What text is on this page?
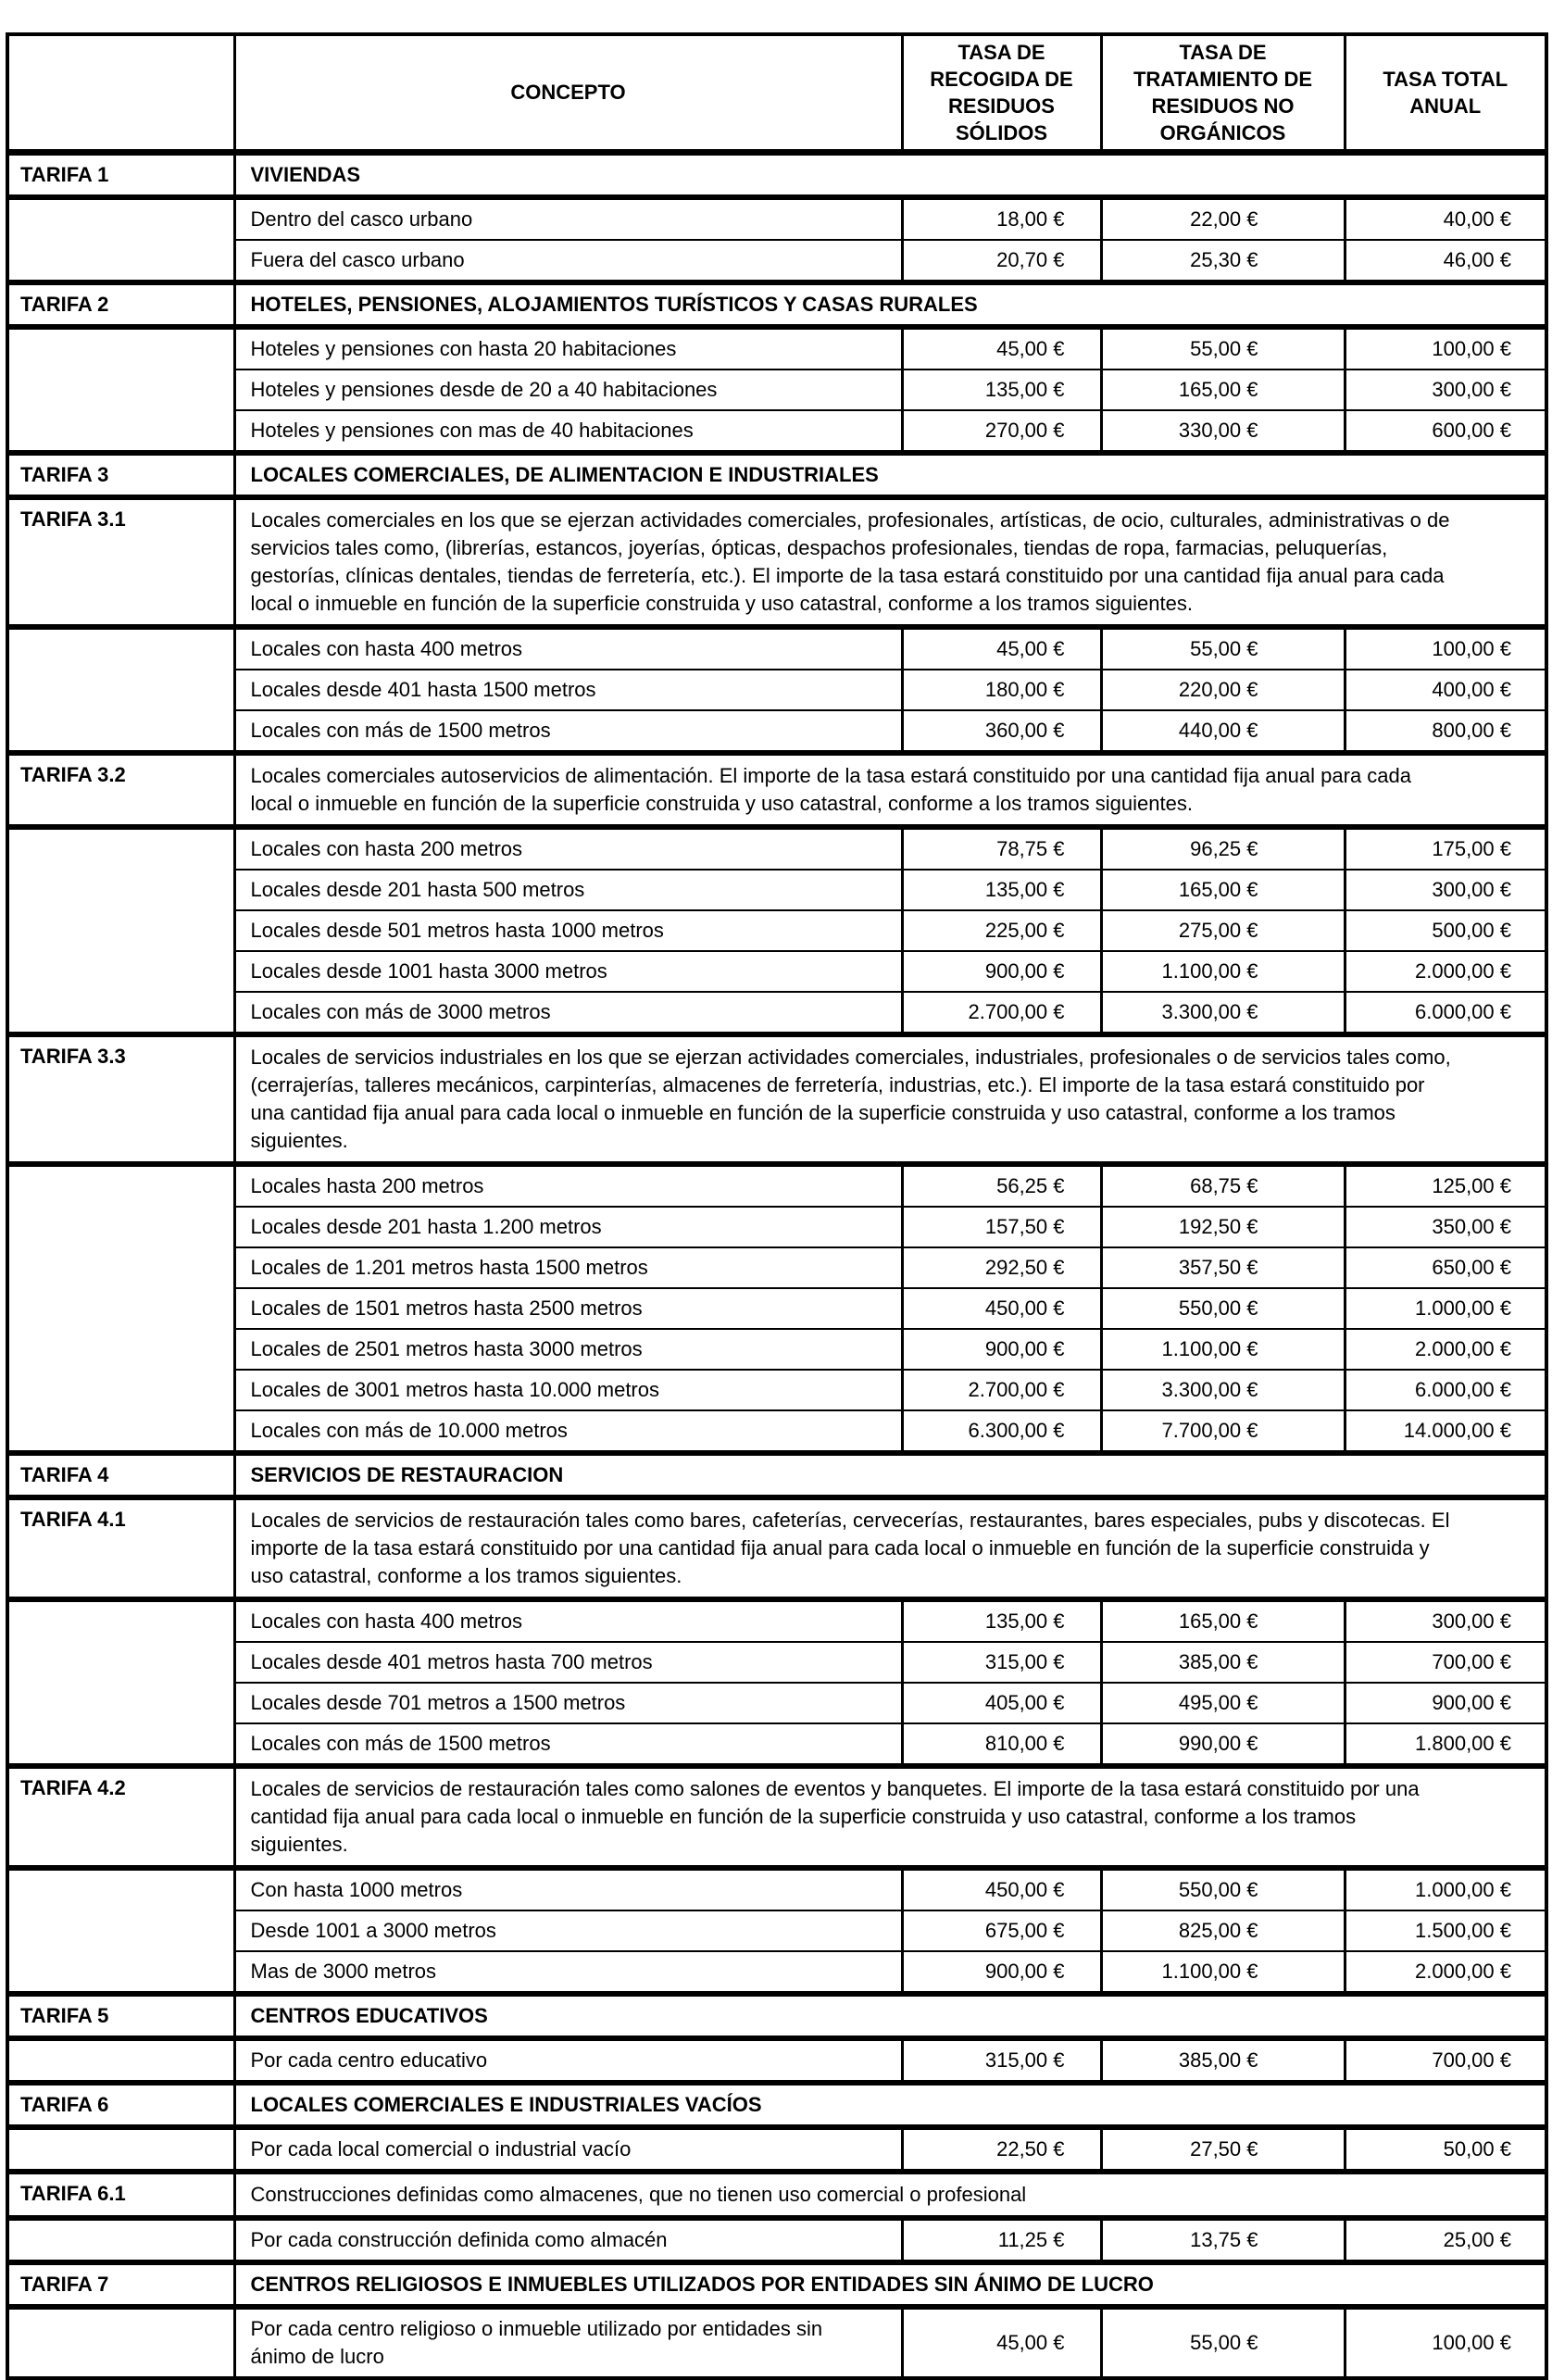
	CONCEPTO	TASA DE RECOGIDA DE RESIDUOS SÓLIDOS	TASA DE TRATAMIENTO DE RESIDUOS NO ORGÁNICOS	TASA TOTAL ANUAL
TARIFA 1	VIVIENDAS			
	Dentro del casco urbano	18,00 €	22,00 €	40,00 €
	Fuera del casco urbano	20,70 €	25,30 €	46,00 €
TARIFA 2	HOTELES, PENSIONES, ALOJAMIENTOS TURÍSTICOS Y CASAS RURALES			
	Hoteles y pensiones con hasta 20 habitaciones	45,00 €	55,00 €	100,00 €
	Hoteles y pensiones desde de 20 a 40 habitaciones	135,00 €	165,00 €	300,00 €
	Hoteles y pensiones con mas de 40 habitaciones	270,00 €	330,00 €	600,00 €
TARIFA 3	LOCALES COMERCIALES, DE ALIMENTACION E INDUSTRIALES			
TARIFA 3.1	Locales comerciales en los que se ejerzan actividades comerciales, profesionales, artísticas, de ocio, culturales, administrativas o de servicios tales como, (librerías, estancos, joyerías, ópticas, despachos profesionales, tiendas de ropa, farmacias, peluquerías, gestorías, clínicas dentales, tiendas de ferretería, etc.). El importe de la tasa estará constituido por una cantidad fija anual para cada local o inmueble en función de la superficie construida y uso catastral, conforme a los tramos siguientes.			
	Locales con hasta 400 metros	45,00 €	55,00 €	100,00 €
	Locales desde 401 hasta 1500 metros	180,00 €	220,00 €	400,00 €
	Locales con más de 1500 metros	360,00 €	440,00 €	800,00 €
TARIFA 3.2	Locales comerciales autoservicios de alimentación. El importe de la tasa estará constituido por una cantidad fija anual para cada local o inmueble en función de la superficie construida y uso catastral, conforme a los tramos siguientes.			
	Locales con hasta 200 metros	78,75 €	96,25 €	175,00 €
	Locales desde 201 hasta 500 metros	135,00 €	165,00 €	300,00 €
	Locales desde 501 metros hasta 1000 metros	225,00 €	275,00 €	500,00 €
	Locales desde 1001 hasta 3000 metros	900,00 €	1.100,00 €	2.000,00 €
	Locales con más de 3000 metros	2.700,00 €	3.300,00 €	6.000,00 €
TARIFA 3.3	Locales de servicios industriales en los que se ejerzan actividades comerciales, industriales, profesionales o de servicios tales como, (cerrajerías, talleres mecánicos, carpinterías, almacenes de ferretería, industrias, etc.). El importe de la tasa estará constituido por una cantidad fija anual para cada local o inmueble en función de la superficie construida y uso catastral, conforme a los tramos siguientes.			
	Locales hasta 200 metros	56,25 €	68,75 €	125,00 €
	Locales desde 201 hasta 1.200 metros	157,50 €	192,50 €	350,00 €
	Locales de 1.201 metros hasta 1500 metros	292,50 €	357,50 €	650,00 €
	Locales de 1501 metros hasta 2500 metros	450,00 €	550,00 €	1.000,00 €
	Locales de 2501 metros hasta 3000 metros	900,00 €	1.100,00 €	2.000,00 €
	Locales de 3001 metros hasta 10.000 metros	2.700,00 €	3.300,00 €	6.000,00 €
	Locales con más de 10.000 metros	6.300,00 €	7.700,00 €	14.000,00 €
TARIFA 4	SERVICIOS DE RESTAURACION			
TARIFA 4.1	Locales de servicios de restauración tales como bares, cafeterías, cervecerías, restaurantes, bares especiales, pubs y discotecas. El importe de la tasa estará constituido por una cantidad fija anual para cada local o inmueble en función de la superficie construida y uso catastral, conforme a los tramos siguientes.			
	Locales con hasta 400 metros	135,00 €	165,00 €	300,00 €
	Locales desde 401 metros hasta 700 metros	315,00 €	385,00 €	700,00 €
	Locales desde 701 metros a 1500 metros	405,00 €	495,00 €	900,00 €
	Locales con más de 1500 metros	810,00 €	990,00 €	1.800,00 €
TARIFA 4.2	Locales de servicios de restauración tales como salones de eventos y banquetes. El importe de la tasa estará constituido por una cantidad fija anual para cada local o inmueble en función de la superficie construida y uso catastral, conforme a los tramos siguientes.			
	Con hasta 1000 metros	450,00 €	550,00 €	1.000,00 €
	Desde 1001 a 3000 metros	675,00 €	825,00 €	1.500,00 €
	Mas de 3000 metros	900,00 €	1.100,00 €	2.000,00 €
TARIFA 5	CENTROS EDUCATIVOS			
	Por cada centro educativo	315,00 €	385,00 €	700,00 €
TARIFA 6	LOCALES COMERCIALES E INDUSTRIALES VACÍOS			
	Por cada local comercial o industrial vacío	22,50 €	27,50 €	50,00 €
TARIFA 6.1	Construcciones definidas como almacenes, que no tienen uso comercial o profesional			
	Por cada construcción definida como almacén	11,25 €	13,75 €	25,00 €
TARIFA 7	CENTROS RELIGIOSOS E INMUEBLES UTILIZADOS POR ENTIDADES SIN ÁNIMO DE LUCRO			
	Por cada centro religioso o inmueble utilizado por entidades sin ánimo de lucro	45,00 €	55,00 €	100,00 €
